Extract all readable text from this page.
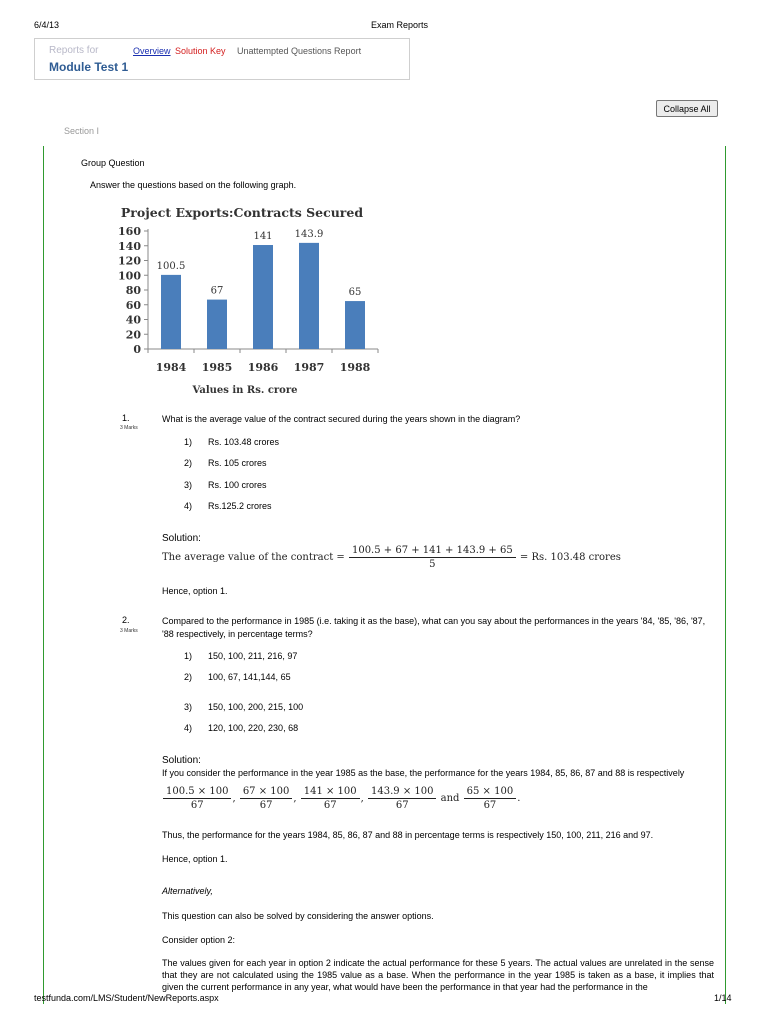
6/4/13	Exam Reports
Reports for	Overview Solution Key Unattempted Questions Report
Module Test 1
Collapse All
Section I
Group Question
Answer the questions based on the following graph.
Project Exports:Contracts Secured
0
20
40
60
80
100
120
140
160
1984 1985 1986 1987 1988
100.5
67
141 143.9
65
Values in Rs. crore
1.
3 Marks
What is the average value of the contract secured during the years shown in the diagram?
1) Rs. 103.48 crores
2) Rs. 105 crores
3) Rs. 100 crores
4) Rs.125.2 crores
Solution:
The average value of the contract = $\frac{100.5 + 67 + 141 + 143.9 + 65}{5} = Rs$. 103.48 crores
Hence, option 1.
2.
3 Marks
Compared to the performance in 1985 (i.e. taking it as the base), what can you say about the performances in the years '84, '85, '86, '87, '88 respectively, in percentage terms?
1) 150, 100, 211, 216, 97
2) 100, 67, 141,144, 65
3) 150, 100, 200, 215, 100
4) 120, 100, 220, 230, 68
Solution:
If you consider the performance in the year 1985 as the base, the performance for the years 1984, 85, 86, 87 and 88 is respectively
$\frac{100.5 \times 100}{67}$ , $\frac{67 \times 100}{67}$ , $\frac{141 \times 100}{67}$ , $\frac{143.9 \times 100}{67}$ and $\frac{65 \times 100}{67}$ .
Thus, the performance for the years 1984, 85, 86, 87 and 88 in percentage terms is respectively 150, 100, 211, 216 and 97.
Hence, option 1.
Alternatively,
This question can also be solved by considering the answer options.
Consider option 2:
The values given for each year in option 2 indicate the actual performance for these 5 years. The actual values are unrelated in the sense that they are not calculated using the 1985 value as a base. When the performance in the year 1985 is taken as a base, it implies that given the current performance in any year, what would have been the performance in that year had the performance in the
testfunda.com/LMS/Student/NewReports.aspx	1/14
